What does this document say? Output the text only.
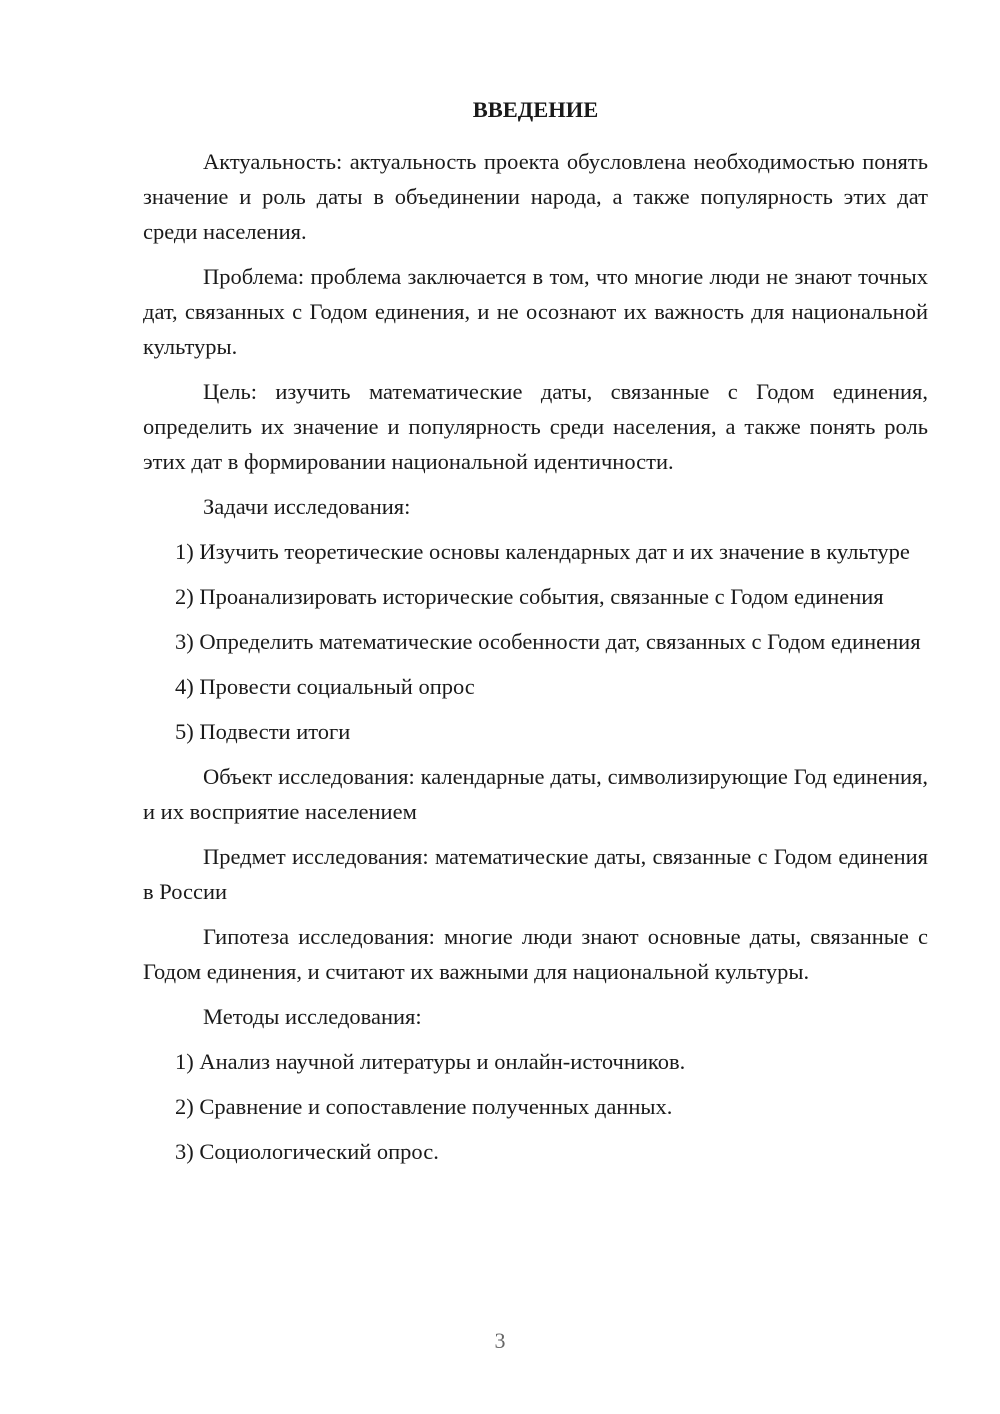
ВВЕДЕНИЕ

Актуальность: актуальность проекта обусловлена необходимостью понять значение и роль даты в объединении народа, а также популярность этих дат среди населения.

Проблема: проблема заключается в том, что многие люди не знают точных дат, связанных с Годом единения, и не осознают их важность для национальной культуры.

Цель: изучить математические даты, связанные с Годом единения, определить их значение и популярность среди населения, а также понять роль этих дат в формировании национальной идентичности.

Задачи исследования:

1) Изучить теоретические основы календарных дат и их значение в культуре

2) Проанализировать исторические события, связанные с Годом единения

3) Определить математические особенности дат, связанных с Годом единения

4) Провести социальный опрос

5) Подвести итоги

Объект исследования: календарные даты, символизирующие Год единения, и их восприятие населением

Предмет исследования: математические даты, связанные с Годом единения в России

Гипотеза исследования: многие люди знают основные даты, связанные с Годом единения, и считают их важными для национальной культуры.

Методы исследования:

1) Анализ научной литературы и онлайн-источников.

2) Сравнение и сопоставление полученных данных.

3) Социологический опрос.

3
